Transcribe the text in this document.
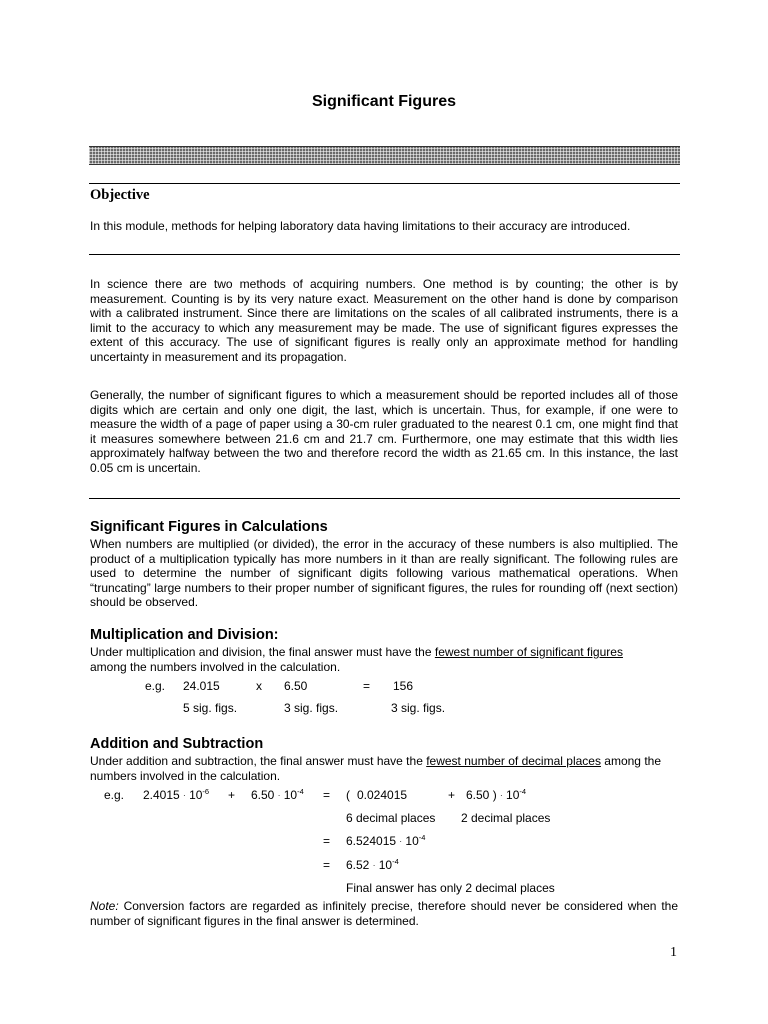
Significant Figures
Objective
In this module, methods for helping laboratory data having limitations to their accuracy are introduced.
In science there are two methods of acquiring numbers. One method is by counting; the other is by measurement. Counting is by its very nature exact. Measurement on the other hand is done by comparison with a calibrated instrument. Since there are limitations on the scales of all calibrated instruments, there is a limit to the accuracy to which any measurement may be made. The use of significant figures expresses the extent of this accuracy. The use of significant figures is really only an approximate method for handling uncertainty in measurement and its propagation.
Generally, the number of significant figures to which a measurement should be reported includes all of those digits which are certain and only one digit, the last, which is uncertain. Thus, for example, if one were to measure the width of a page of paper using a 30-cm ruler graduated to the nearest 0.1 cm, one might find that it measures somewhere between 21.6 cm and 21.7 cm. Furthermore, one may estimate that this width lies approximately halfway between the two and therefore record the width as 21.65 cm. In this instance, the last 0.05 cm is uncertain.
Significant Figures in Calculations
When numbers are multiplied (or divided), the error in the accuracy of these numbers is also multiplied. The product of a multiplication typically has more numbers in it than are really significant. The following rules are used to determine the number of significant digits following various mathematical operations. When “truncating” large numbers to their proper number of significant figures, the rules for rounding off (next section) should be observed.
Multiplication and Division:
Under multiplication and division, the final answer must have the fewest number of significant figures
among the numbers involved in the calculation.
e.g. 24.015	x 6.50	= 156
5 sig. figs.	3 sig. figs.	3 sig. figs.
Addition and Subtraction
Under addition and subtraction, the final answer must have the fewest number of decimal places among the numbers involved in the calculation.
e.g. $2.4015 \cdot 10^{-6} + 6.50 \cdot 10^{-4}$ = ( 0.024015	+ 6.50 ) · $10^{-4}$
6 decimal places 2 decimal places
= $6.524015 \cdot 10^{-4}$
= $6.52 \cdot 10^{-4}$
Final answer has only 2 decimal places
Note: Conversion factors are regarded as infinitely precise, therefore should never be considered when the number of significant figures in the final answer is determined.
1
